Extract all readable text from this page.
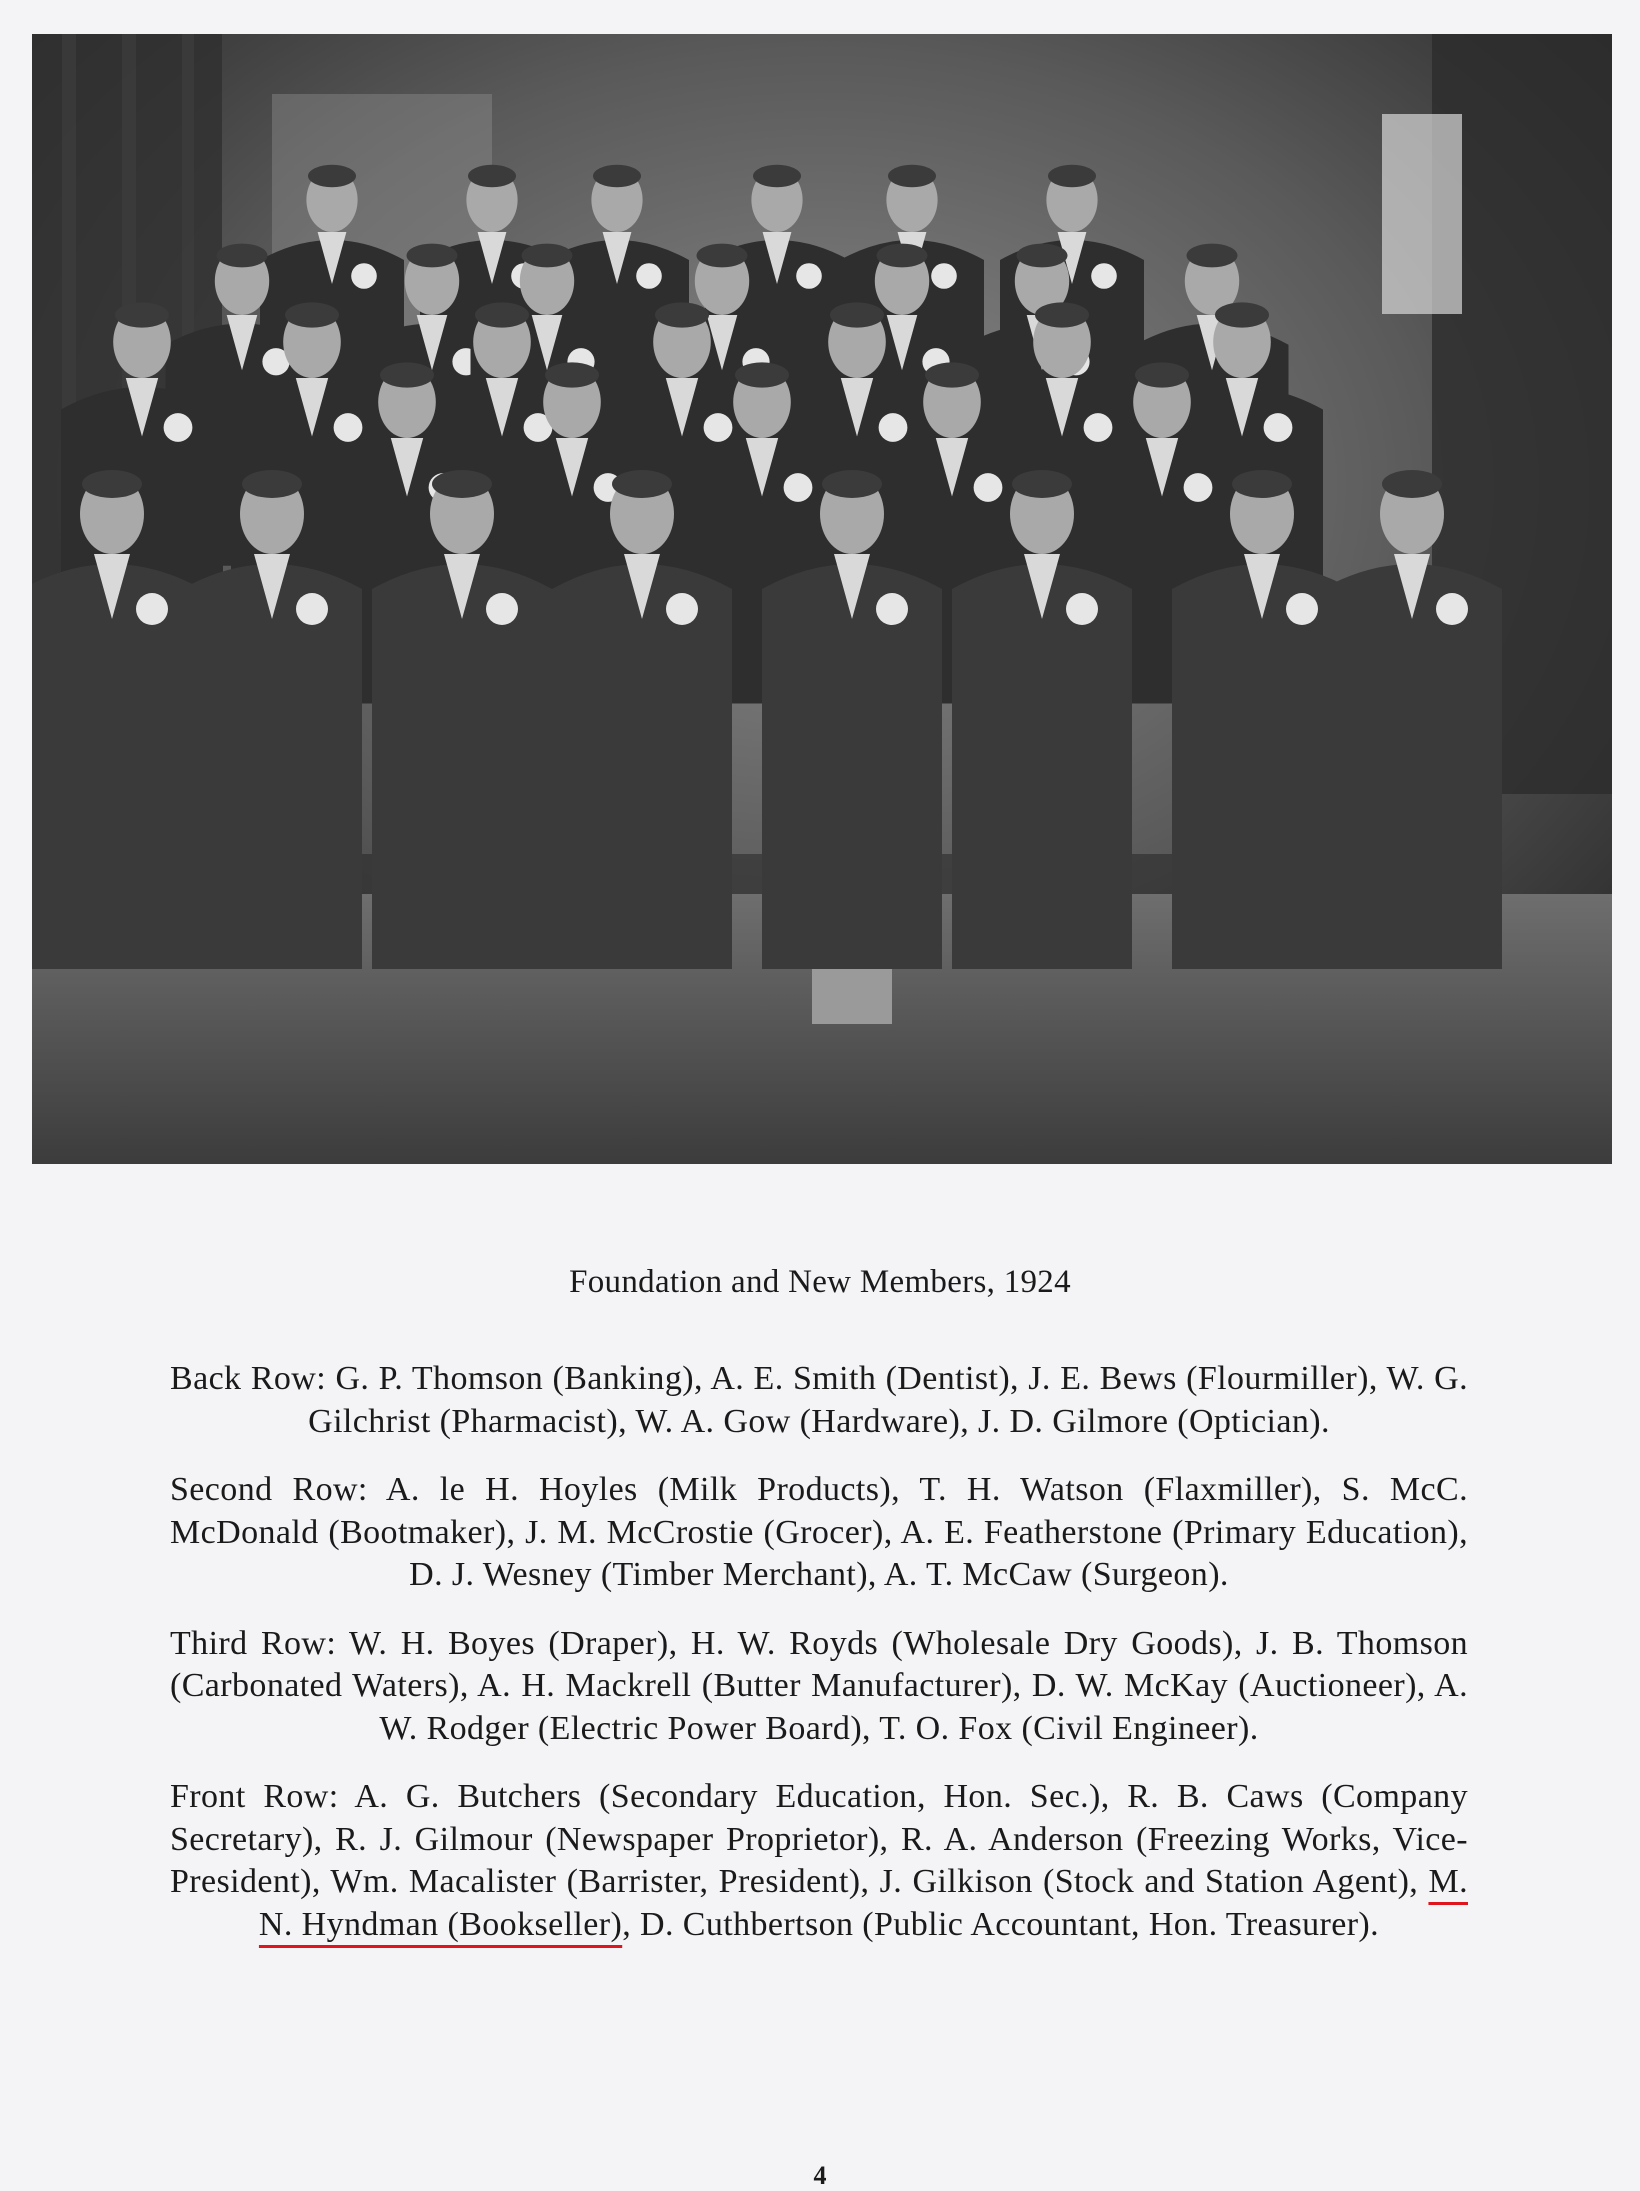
Foundation and New Members, 1924

Back Row: G. P. Thomson (Banking), A. E. Smith (Dentist), J. E. Bews (Flourmiller), W. G. Gilchrist (Pharmacist), W. A. Gow (Hardware), J. D. Gilmore (Optician).

Second Row: A. le H. Hoyles (Milk Products), T. H. Watson (Flaxmiller), S. McC. McDonald (Bootmaker), J. M. McCrostie (Grocer), A. E. Featherstone (Primary Education), D. J. Wesney (Timber Merchant), A. T. McCaw (Surgeon).

Third Row: W. H. Boyes (Draper), H. W. Royds (Wholesale Dry Goods), J. B. Thomson (Carbonated Waters), A. H. Mackrell (Butter Manufacturer), D. W. McKay (Auctioneer), A. W. Rodger (Electric Power Board), T. O. Fox (Civil Engineer).

Front Row: A. G. Butchers (Secondary Education, Hon. Sec.), R. B. Caws (Company Secretary), R. J. Gilmour (Newspaper Proprietor), R. A. Anderson (Freezing Works, Vice-President), Wm. Macalister (Barrister, President), J. Gilkison (Stock and Station Agent), M. N. Hyndman (Bookseller), D. Cuthbertson (Public Accountant, Hon. Treasurer).

4
